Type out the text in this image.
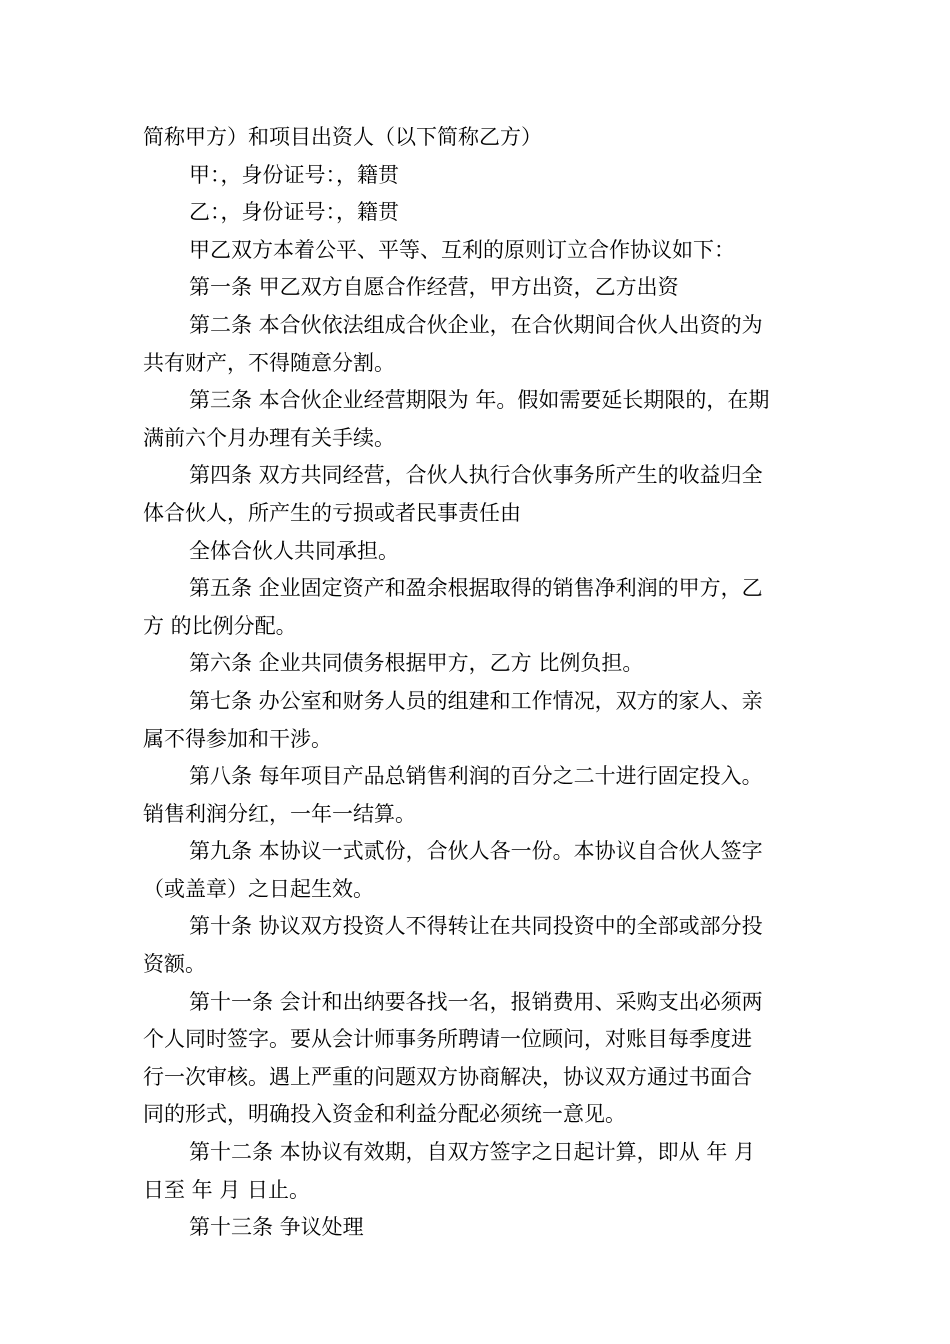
简称甲方）和项目出资人（以下简称乙方）

甲：，身份证号：，籍贯

乙：，身份证号：，籍贯

甲乙双方本着公平、平等、互利的原则订立合作协议如下：

第一条 甲乙双方自愿合作经营，甲方出资，乙方出资

第二条 本合伙依法组成合伙企业，在合伙期间合伙人出资的为
共有财产，不得随意分割。

第三条 本合伙企业经营期限为 年。假如需要延长期限的，在期
满前六个月办理有关手续。

第四条 双方共同经营，合伙人执行合伙事务所产生的收益归全
体合伙人，所产生的亏损或者民事责任由

全体合伙人共同承担。

第五条 企业固定资产和盈余根据取得的销售净利润的甲方，乙
方 的比例分配。

第六条 企业共同债务根据甲方，乙方 比例负担。

第七条 办公室和财务人员的组建和工作情况，双方的家人、亲
属不得参加和干涉。

第八条 每年项目产品总销售利润的百分之二十进行固定投入。
销售利润分红，一年一结算。

第九条 本协议一式贰份，合伙人各一份。本协议自合伙人签字
（或盖章）之日起生效。

第十条 协议双方投资人不得转让在共同投资中的全部或部分投
资额。

第十一条 会计和出纳要各找一名，报销费用、采购支出必须两
个人同时签字。要从会计师事务所聘请一位顾问，对账目每季度进
行一次审核。遇上严重的问题双方协商解决，协议双方通过书面合
同的形式，明确投入资金和利益分配必须统一意见。

第十二条 本协议有效期，自双方签字之日起计算，即从 年 月
日至 年 月 日止。

第十三条 争议处理
